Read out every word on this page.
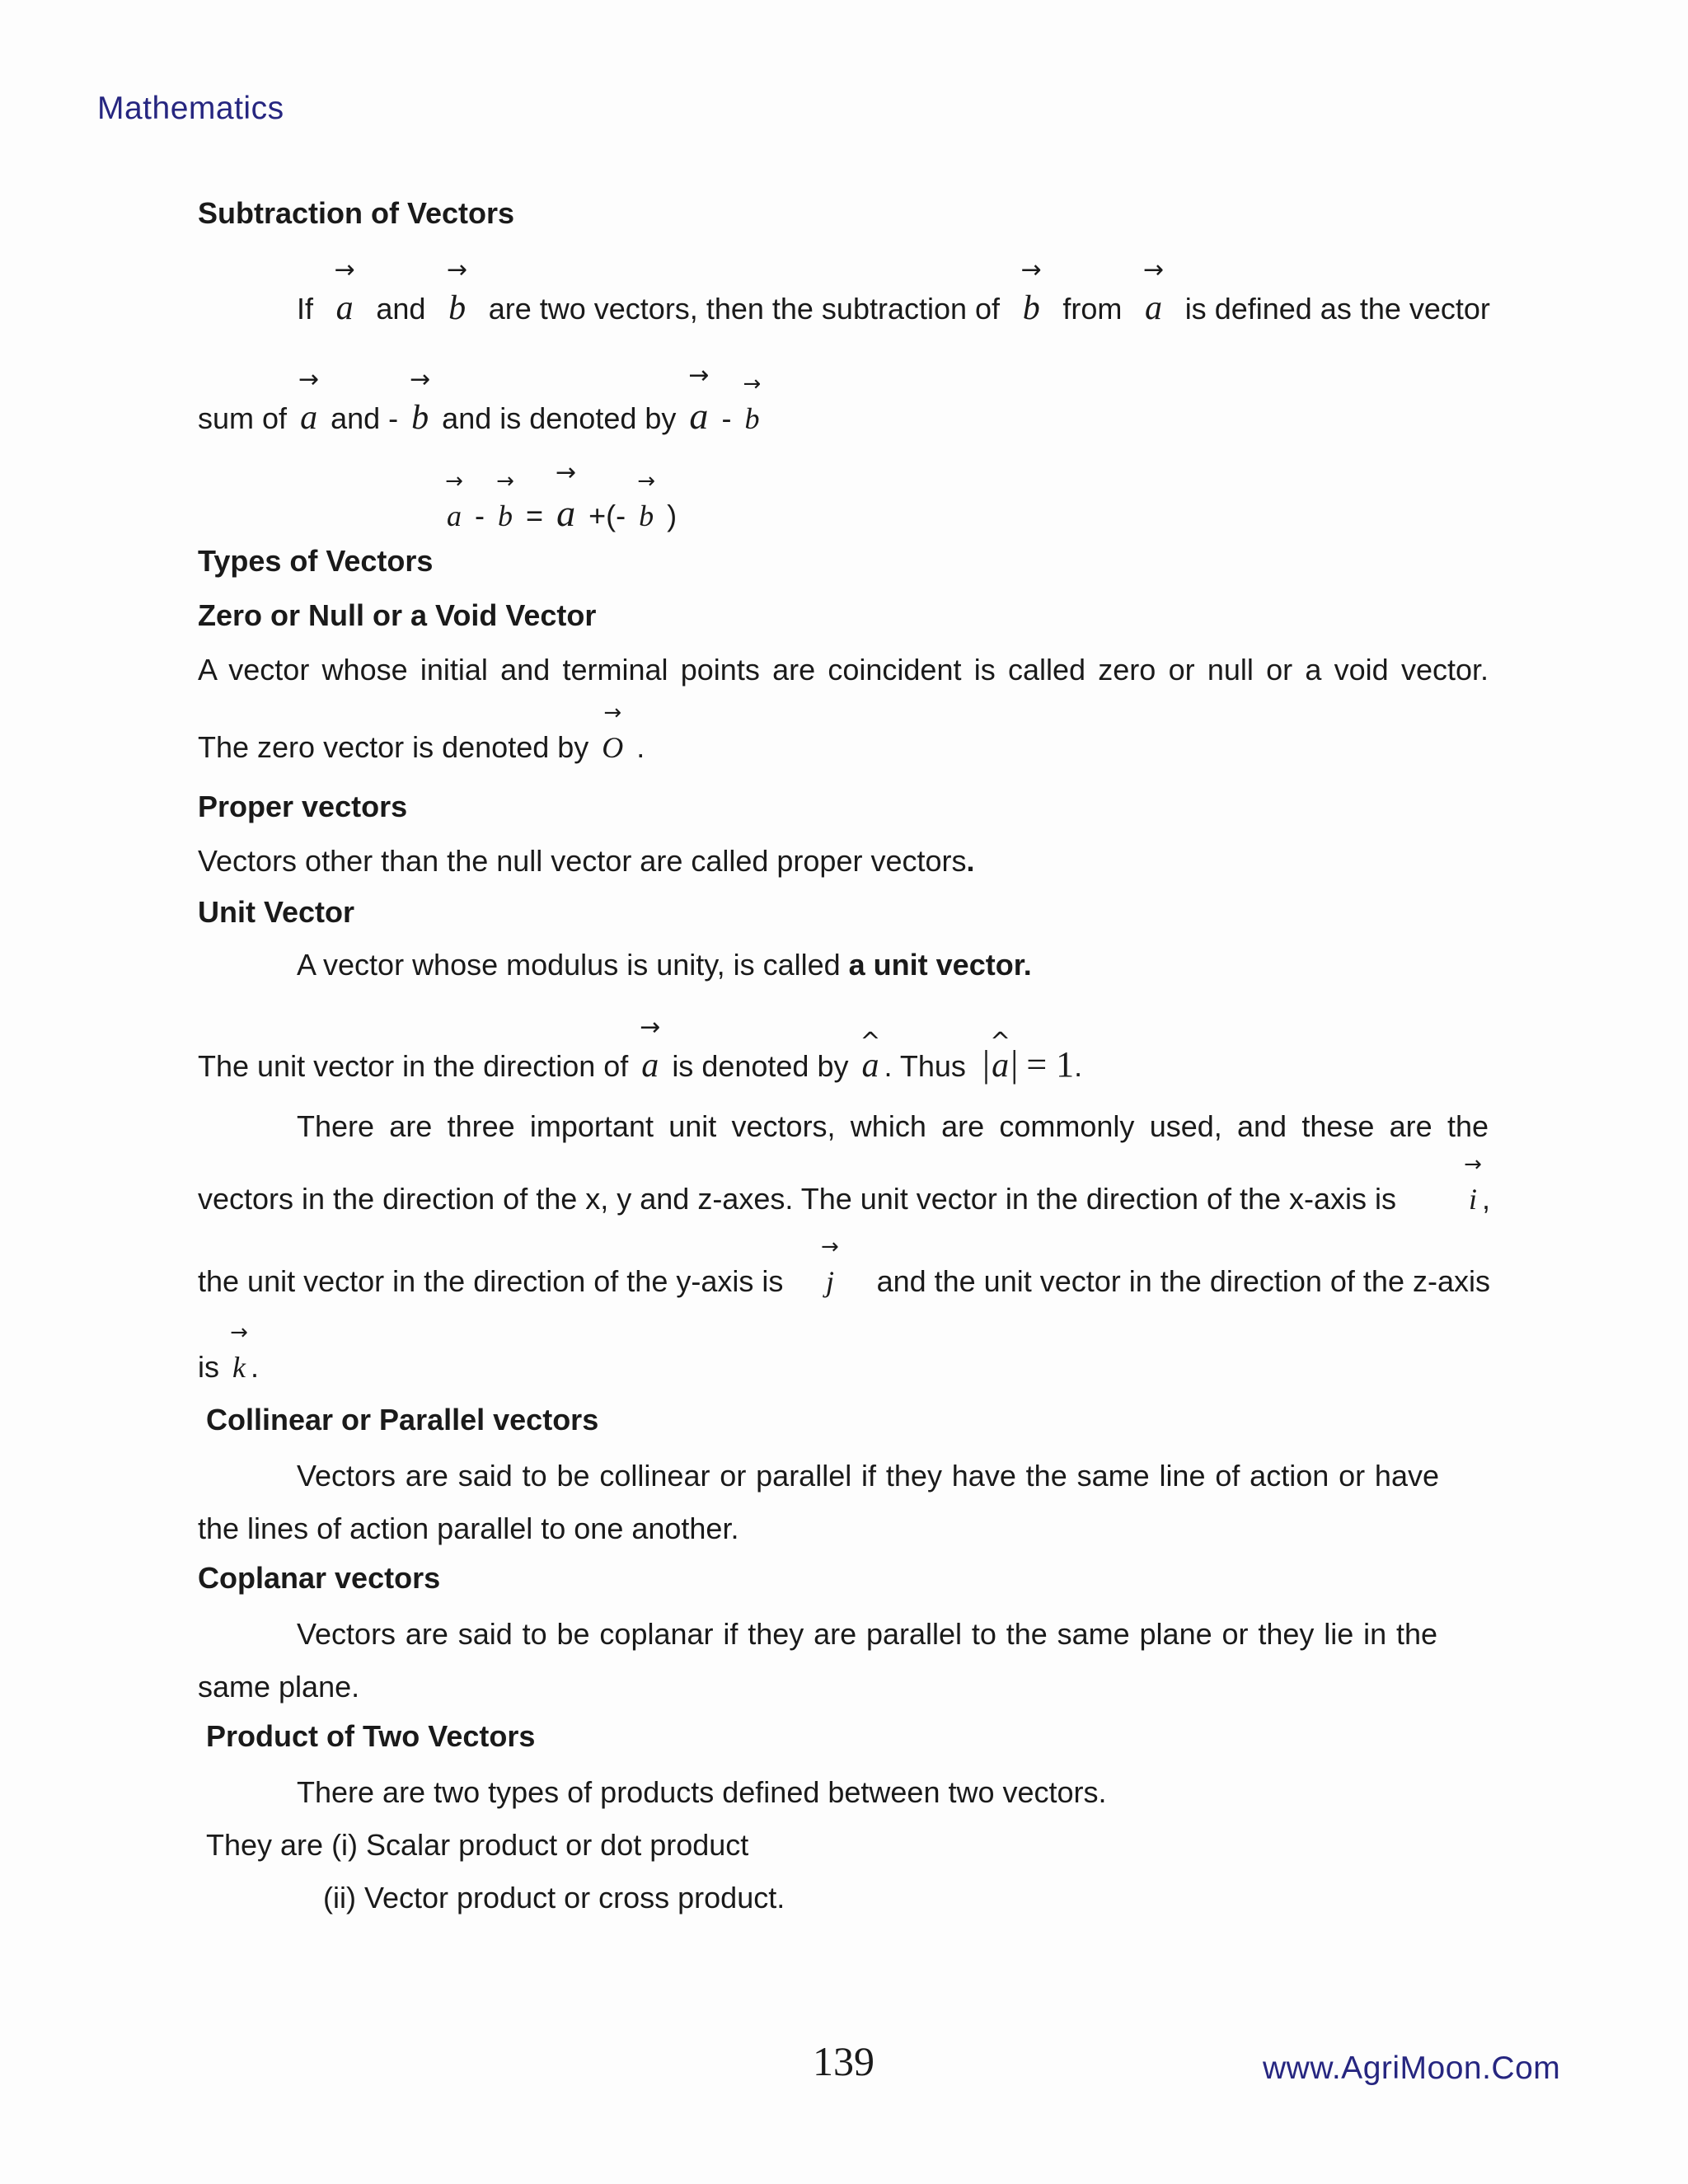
Mathematics
Subtraction of Vectors
If
→
a and
→
b are two vectors, then the subtraction of
→
b from
→
a is defined as the vector
sum of
→
a and -
→
b and is denoted by
→
a -
→
b
→
a -
→
b =
→
a +(-
→
b )
Types of Vectors
Zero or Null or a Void Vector
A vector whose initial and terminal points are coincident is called zero or null or a void vector.
The zero vector is denoted by
→
O .
Proper vectors
Vectors other than the null vector are called proper vectors.
Unit Vector
A vector whose modulus is unity, is called a unit vector.
The unit vector in the direction of
→
a is denoted by
^
a . Thus |
^
a| = 1.
There are three important unit vectors, which are commonly used, and these are the
vectors in the direction of the x, y and z-axes. The unit vector in the direction of the x-axis is
→
i ,
the unit vector in the direction of the y-axis is
→
j and the unit vector in the direction of the z-axis
is
→
k .
Collinear or Parallel vectors
Vectors are said to be collinear or parallel if they have the same line of action or have
the lines of action parallel to one another.
Coplanar vectors
Vectors are said to be coplanar if they are parallel to the same plane or they lie in the
same plane.
Product of Two Vectors
There are two types of products defined between two vectors.
They are (i) Scalar product or dot product
(ii) Vector product or cross product.
139	www.AgriMoon.Com
